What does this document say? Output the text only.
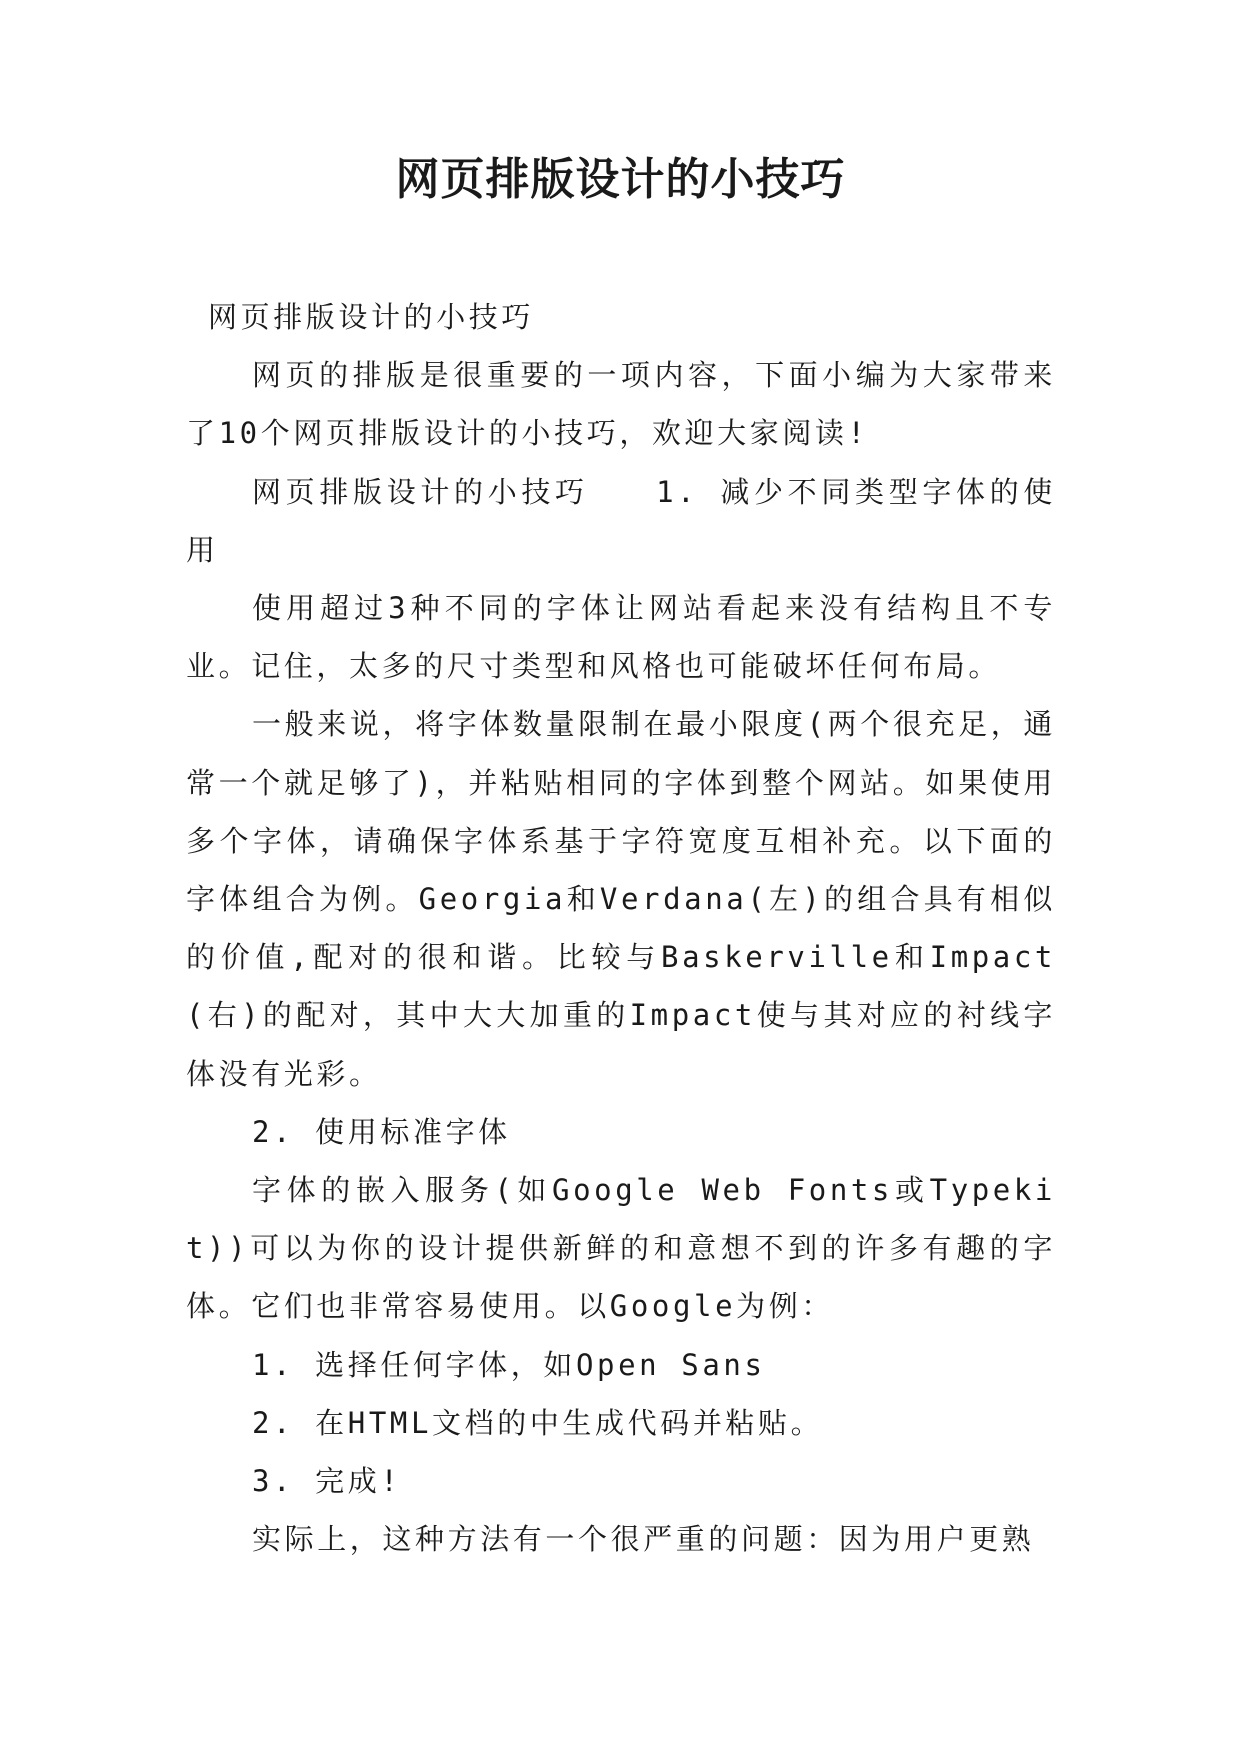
网页排版设计的小技巧

网页排版设计的小技巧

网页的排版是很重要的一项内容，下面小编为大家带来了10个网页排版设计的小技巧，欢迎大家阅读!

网页排版设计的小技巧　　1. 减少不同类型字体的使用

使用超过3种不同的字体让网站看起来没有结构且不专业。记住，太多的尺寸类型和风格也可能破坏任何布局。

一般来说，将字体数量限制在最小限度(两个很充足，通常一个就足够了)，并粘贴相同的字体到整个网站。如果使用多个字体，请确保字体系基于字符宽度互相补充。以下面的字体组合为例。Georgia和Verdana(左)的组合具有相似的价值,配对的很和谐。比较与Baskerville和Impact(右)的配对，其中大大加重的Impact使与其对应的衬线字体没有光彩。

2. 使用标准字体

字体的嵌入服务(如Google Web Fonts或Typekit))可以为你的设计提供新鲜的和意想不到的许多有趣的字体。它们也非常容易使用。以Google为例：

1. 选择任何字体，如Open Sans

2. 在HTML文档的中生成代码并粘贴。

3. 完成!

实际上，这种方法有一个很严重的问题：因为用户更熟
